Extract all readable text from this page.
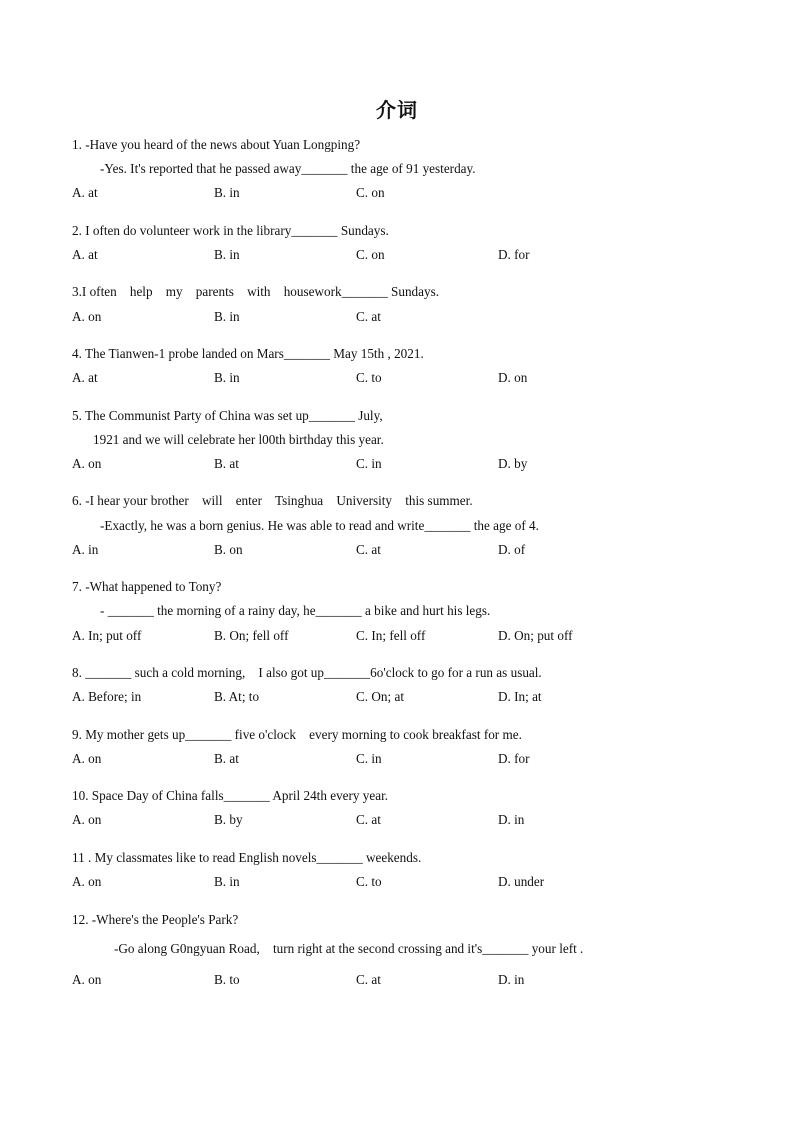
介词
1. -Have you heard of the news about Yuan Longping?
-Yes. It's reported that he passed away_______ the age of 91 yesterday.
A. at	B. in	C. on
2. I often do volunteer work in the library_______ Sundays.
A. at	B. in	C. on	D. for
3.I often    help    my    parents    with    housework_______ Sundays.
A. on	B. in	C. at
4. The Tianwen-1 probe landed on Mars_______ May 15th , 2021.
A. at	B. in	C. to	D. on
5. The Communist Party of China was set up_______ July,
1921 and we will celebrate her l00th birthday this year.
A. on	B. at	C. in	D. by
6. -I hear your brother    will    enter    Tsinghua    University    this summer.
-Exactly, he was a born genius. He was able to read and write_______ the age of 4.
A. in	B. on	C. at	D. of
7. -What happened to Tony?
- _______ the morning of a rainy day, he_______ a bike and hurt his legs.
A. In; put off	B. On; fell off	C. In; fell off	D. On; put off
8. _______ such a cold morning,    I also got up_______6o'clock to go for a run as usual.
A. Before; in	B. At; to	C. On; at	D. In; at
9. My mother gets up_______ five o'clock    every morning to cook breakfast for me.
A. on	B. at	C. in	D. for
10. Space Day of China falls_______ April 24th every year.
A. on	B. by	C. at	D. in
11 . My classmates like to read English novels_______ weekends.
A. on	B. in	C. to	D. under
12. -Where's the People's Park?
-Go along G0ngyuan Road,    turn right at the second crossing and it's_______ your left .
A. on	B. to	C. at	D. in
